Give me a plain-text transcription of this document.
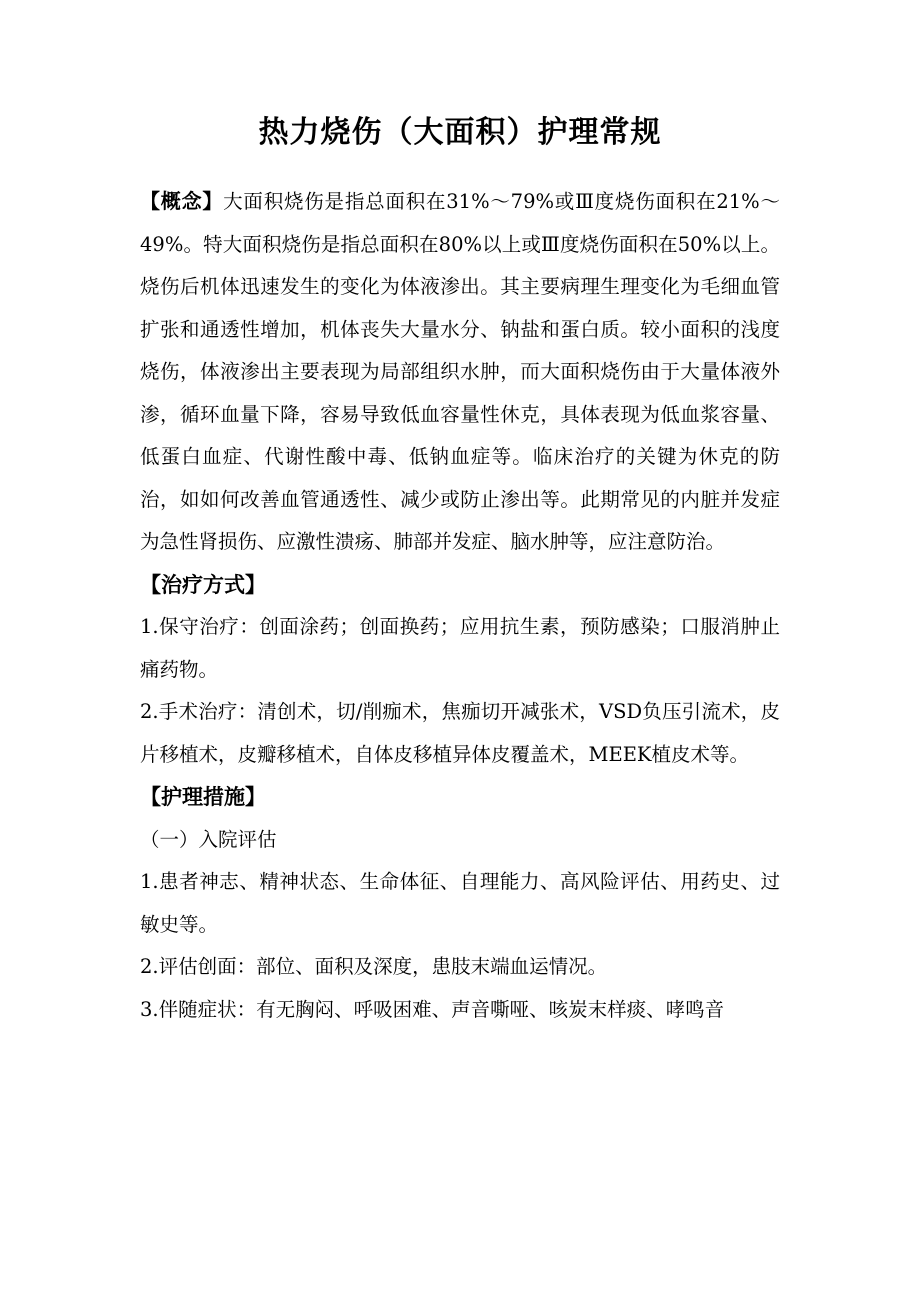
热力烧伤（大面积）护理常规

【概念】大面积烧伤是指总面积在31%～79%或Ⅲ度烧伤面积在21%～49%。特大面积烧伤是指总面积在80%以上或Ⅲ度烧伤面积在50%以上。烧伤后机体迅速发生的变化为体液渗出。其主要病理生理变化为毛细血管扩张和通透性增加，机体丧失大量水分、钠盐和蛋白质。较小面积的浅度烧伤，体液渗出主要表现为局部组织水肿，而大面积烧伤由于大量体液外渗，循环血量下降，容易导致低血容量性休克，具体表现为低血浆容量、低蛋白血症、代谢性酸中毒、低钠血症等。临床治疗的关键为休克的防治，如如何改善血管通透性、减少或防止渗出等。此期常见的内脏并发症为急性肾损伤、应激性溃疡、肺部并发症、脑水肿等，应注意防治。

【治疗方式】

1.保守治疗：创面涂药；创面换药；应用抗生素，预防感染；口服消肿止痛药物。

2.手术治疗：清创术，切/削痂术，焦痂切开减张术，VSD负压引流术，皮片移植术，皮瓣移植术，自体皮移植异体皮覆盖术，MEEK植皮术等。

【护理措施】

（一）入院评估

1.患者神志、精神状态、生命体征、自理能力、高风险评估、用药史、过敏史等。

2.评估创面：部位、面积及深度，患肢末端血运情况。

3.伴随症状：有无胸闷、呼吸困难、声音嘶哑、咳炭末样痰、哮鸣音
